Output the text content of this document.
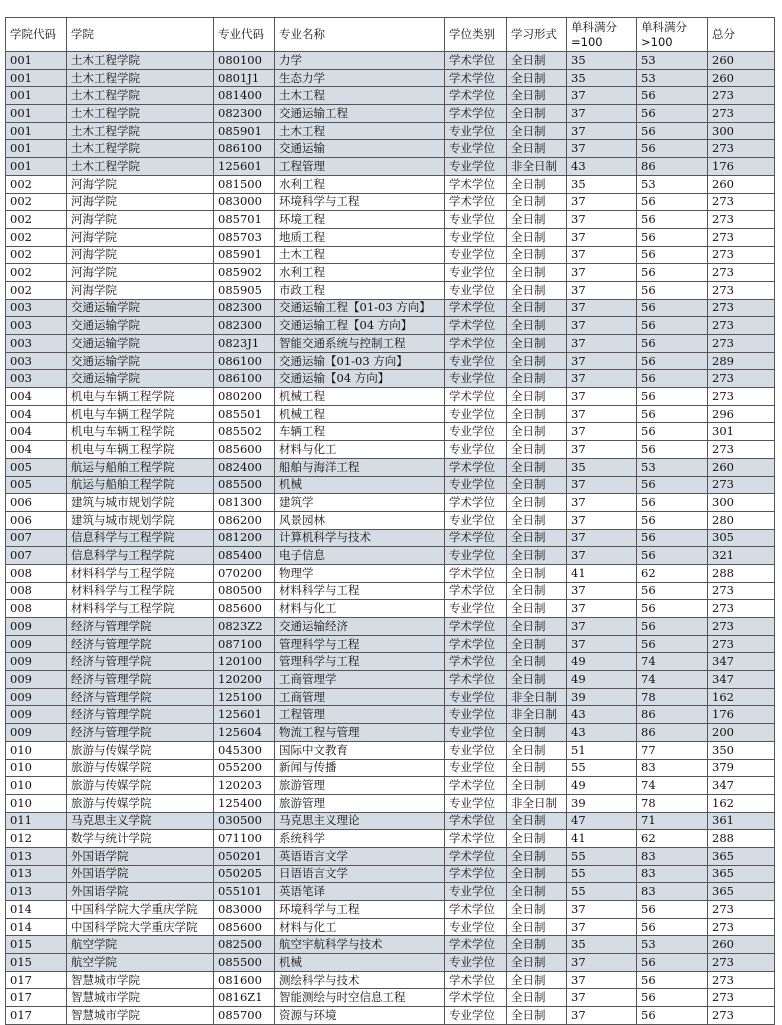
学院代码	学院	专业代码	专业名称	学位类别	学习形式	单科满分=100	单科满分>100	总分
001	土木工程学院	080100	力学	学术学位	全日制	35	53	260
001	土木工程学院	0801J1	生态力学	学术学位	全日制	35	53	260
001	土木工程学院	081400	土木工程	学术学位	全日制	37	56	273
001	土木工程学院	082300	交通运输工程	学术学位	全日制	37	56	273
001	土木工程学院	085901	土木工程	专业学位	全日制	37	56	300
001	土木工程学院	086100	交通运输	专业学位	全日制	37	56	273
001	土木工程学院	125601	工程管理	专业学位	非全日制	43	86	176
002	河海学院	081500	水利工程	学术学位	全日制	35	53	260
002	河海学院	083000	环境科学与工程	学术学位	全日制	37	56	273
002	河海学院	085701	环境工程	专业学位	全日制	37	56	273
002	河海学院	085703	地质工程	专业学位	全日制	37	56	273
002	河海学院	085901	土木工程	专业学位	全日制	37	56	273
002	河海学院	085902	水利工程	专业学位	全日制	37	56	273
002	河海学院	085905	市政工程	专业学位	全日制	37	56	273
003	交通运输学院	082300	交通运输工程【01-03 方向】	学术学位	全日制	37	56	273
003	交通运输学院	082300	交通运输工程【04 方向】	学术学位	全日制	37	56	273
003	交通运输学院	0823J1	智能交通系统与控制工程	学术学位	全日制	37	56	273
003	交通运输学院	086100	交通运输【01-03 方向】	专业学位	全日制	37	56	289
003	交通运输学院	086100	交通运输【04 方向】	专业学位	全日制	37	56	273
004	机电与车辆工程学院	080200	机械工程	学术学位	全日制	37	56	273
004	机电与车辆工程学院	085501	机械工程	专业学位	全日制	37	56	296
004	机电与车辆工程学院	085502	车辆工程	专业学位	全日制	37	56	301
004	机电与车辆工程学院	085600	材料与化工	专业学位	全日制	37	56	273
005	航运与船舶工程学院	082400	船舶与海洋工程	学术学位	全日制	35	53	260
005	航运与船舶工程学院	085500	机械	专业学位	全日制	37	56	273
006	建筑与城市规划学院	081300	建筑学	学术学位	全日制	37	56	300
006	建筑与城市规划学院	086200	风景园林	专业学位	全日制	37	56	280
007	信息科学与工程学院	081200	计算机科学与技术	学术学位	全日制	37	56	305
007	信息科学与工程学院	085400	电子信息	专业学位	全日制	37	56	321
008	材料科学与工程学院	070200	物理学	学术学位	全日制	41	62	288
008	材料科学与工程学院	080500	材料科学与工程	学术学位	全日制	37	56	273
008	材料科学与工程学院	085600	材料与化工	专业学位	全日制	37	56	273
009	经济与管理学院	0823Z2	交通运输经济	学术学位	全日制	37	56	273
009	经济与管理学院	087100	管理科学与工程	学术学位	全日制	37	56	273
009	经济与管理学院	120100	管理科学与工程	学术学位	全日制	49	74	347
009	经济与管理学院	120200	工商管理学	学术学位	全日制	49	74	347
009	经济与管理学院	125100	工商管理	专业学位	非全日制	39	78	162
009	经济与管理学院	125601	工程管理	专业学位	非全日制	43	86	176
009	经济与管理学院	125604	物流工程与管理	专业学位	全日制	43	86	200
010	旅游与传媒学院	045300	国际中文教育	专业学位	全日制	51	77	350
010	旅游与传媒学院	055200	新闻与传播	专业学位	全日制	55	83	379
010	旅游与传媒学院	120203	旅游管理	学术学位	全日制	49	74	347
010	旅游与传媒学院	125400	旅游管理	专业学位	非全日制	39	78	162
011	马克思主义学院	030500	马克思主义理论	学术学位	全日制	47	71	361
012	数学与统计学院	071100	系统科学	学术学位	全日制	41	62	288
013	外国语学院	050201	英语语言文学	学术学位	全日制	55	83	365
013	外国语学院	050205	日语语言文学	学术学位	全日制	55	83	365
013	外国语学院	055101	英语笔译	专业学位	全日制	55	83	365
014	中国科学院大学重庆学院	083000	环境科学与工程	学术学位	全日制	37	56	273
014	中国科学院大学重庆学院	085600	材料与化工	专业学位	全日制	37	56	273
015	航空学院	082500	航空宇航科学与技术	学术学位	全日制	35	53	260
015	航空学院	085500	机械	专业学位	全日制	37	56	273
017	智慧城市学院	081600	测绘科学与技术	学术学位	全日制	37	56	273
017	智慧城市学院	0816Z1	智能测绘与时空信息工程	学术学位	全日制	37	56	273
017	智慧城市学院	085700	资源与环境	专业学位	全日制	37	56	273
